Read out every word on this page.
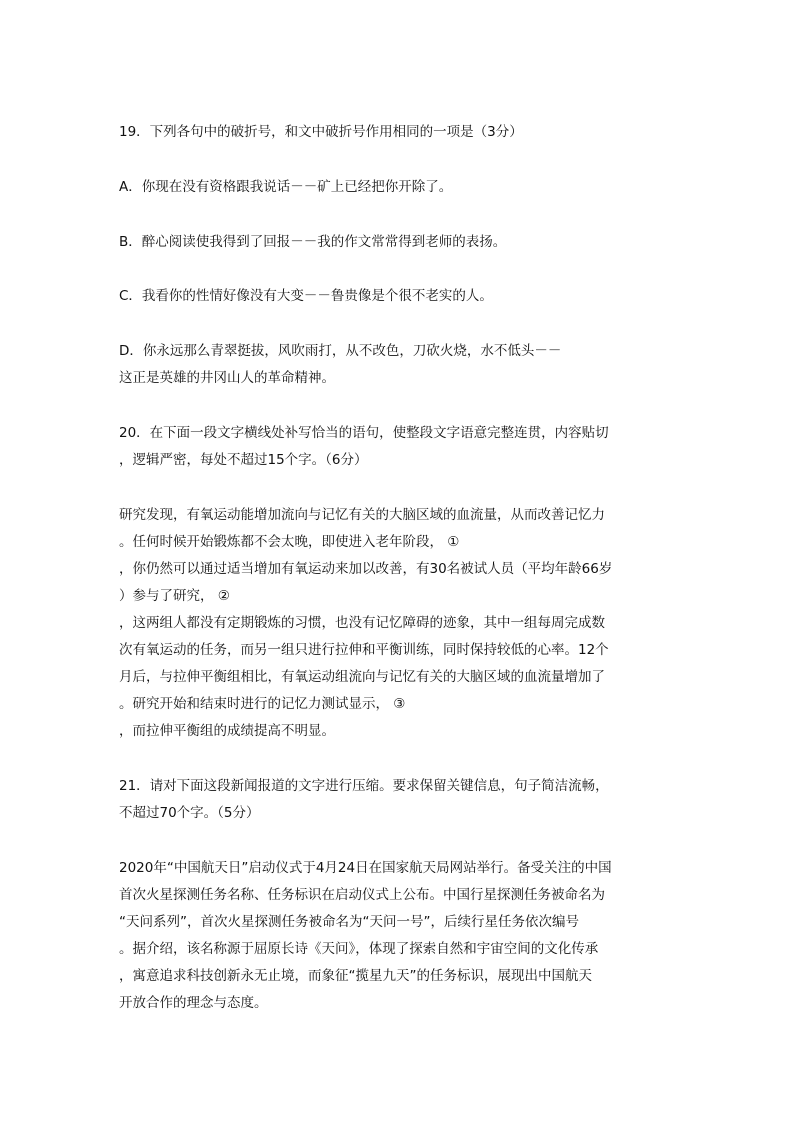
19．下列各句中的破折号，和文中破折号作用相同的一项是（3分）
A．你现在没有资格跟我说话－－矿上已经把你开除了。
B．醉心阅读使我得到了回报－－我的作文常常得到老师的表扬。
C．我看你的性情好像没有大变－－鲁贵像是个很不老实的人。
D．你永远那么青翠挺拔，风吹雨打，从不改色，刀砍火烧，水不低头－－
这正是英雄的井冈山人的革命精神。
20．在下面一段文字横线处补写恰当的语句，使整段文字语意完整连贯，内容贴切
，逻辑严密，每处不超过15个字。（6分）
研究发现，有氧运动能增加流向与记忆有关的大脑区域的血流量，从而改善记忆力
。任何时候开始锻炼都不会太晚，即使进入老年阶段， ①
，你仍然可以通过适当增加有氧运动来加以改善，有30名被试人员（平均年龄66岁
）参与了研究， ②
，这两组人都没有定期锻炼的习惯，也没有记忆障碍的迹象，其中一组每周完成数
次有氧运动的任务，而另一组只进行拉伸和平衡训练，同时保持较低的心率。12个
月后，与拉伸平衡组相比，有氧运动组流向与记忆有关的大脑区域的血流量增加了
。研究开始和结束时进行的记忆力测试显示， ③
，而拉伸平衡组的成绩提高不明显。
21．请对下面这段新闻报道的文字进行压缩。要求保留关键信息，句子简洁流畅，
不超过70个字。（5分）
2020年“中国航天日”启动仪式于4月24日在国家航天局网站举行。备受关注的中国
首次火星探测任务名称、任务标识在启动仪式上公布。中国行星探测任务被命名为
“天问系列”，首次火星探测任务被命名为“天问一号”，后续行星任务依次编号
。据介绍，该名称源于屈原长诗《天问》，体现了探索自然和宇宙空间的文化传承
，寓意追求科技创新永无止境，而象征“揽星九天”的任务标识，展现出中国航天
开放合作的理念与态度。
